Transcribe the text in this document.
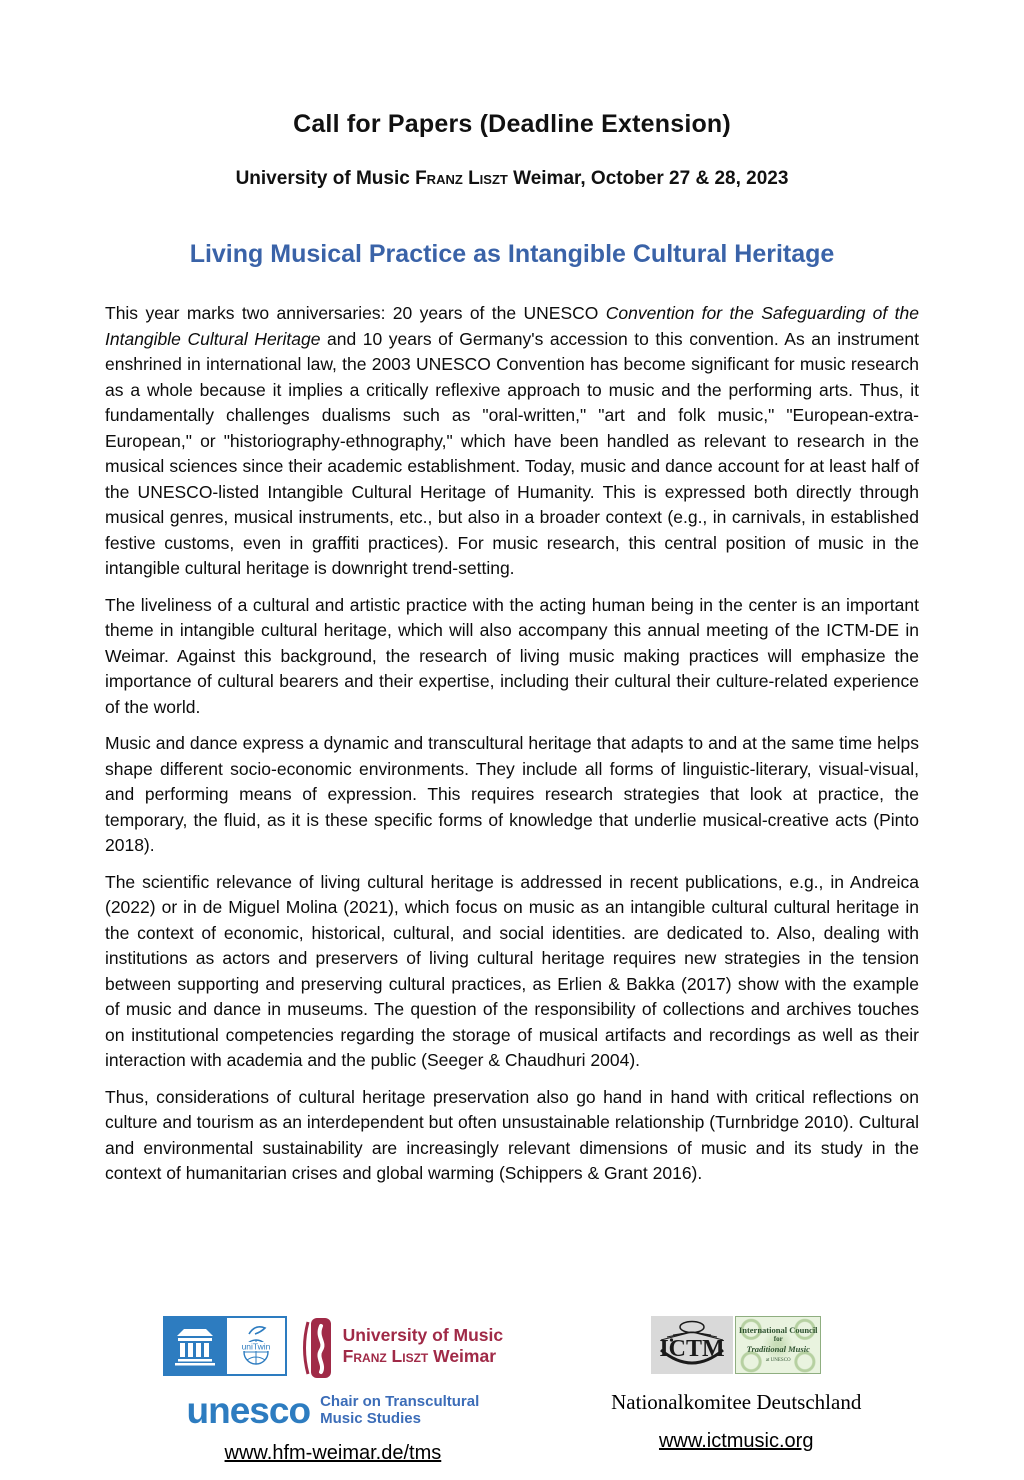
Call for Papers (Deadline Extension)
University of Music Franz Liszt Weimar, October 27 & 28, 2023
Living Musical Practice as Intangible Cultural Heritage

This year marks two anniversaries: 20 years of the UNESCO Convention for the Safeguarding of the Intangible Cultural Heritage and 10 years of Germany's accession to this convention. As an instrument enshrined in international law, the 2003 UNESCO Convention has become significant for music research as a whole because it implies a critically reflexive approach to music and the performing arts. Thus, it fundamentally challenges dualisms such as "oral-written," "art and folk music," "European-extra-European," or "historiography-ethnography," which have been handled as relevant to research in the musical sciences since their academic establishment. Today, music and dance account for at least half of the UNESCO-listed Intangible Cultural Heritage of Humanity. This is expressed both directly through musical genres, musical instruments, etc., but also in a broader context (e.g., in carnivals, in established festive customs, even in graffiti practices). For music research, this central position of music in the intangible cultural heritage is downright trend-setting.

The liveliness of a cultural and artistic practice with the acting human being in the center is an important theme in intangible cultural heritage, which will also accompany this annual meeting of the ICTM-DE in Weimar. Against this background, the research of living music making practices will emphasize the importance of cultural bearers and their expertise, including their cultural their culture-related experience of the world.

Music and dance express a dynamic and transcultural heritage that adapts to and at the same time helps shape different socio-economic environments. They include all forms of linguistic-literary, visual-visual, and performing means of expression. This requires research strategies that look at practice, the temporary, the fluid, as it is these specific forms of knowledge that underlie musical-creative acts (Pinto 2018).

The scientific relevance of living cultural heritage is addressed in recent publications, e.g., in Andreica (2022) or in de Miguel Molina (2021), which focus on music as an intangible cultural cultural heritage in the context of economic, historical, cultural, and social identities. are dedicated to. Also, dealing with institutions as actors and preservers of living cultural heritage requires new strategies in the tension between supporting and preserving cultural practices, as Erlien & Bakka (2017) show with the example of music and dance in museums. The question of the responsibility of collections and archives touches on institutional competencies regarding the storage of musical artifacts and recordings as well as their interaction with academia and the public (Seeger & Chaudhuri 2004).

Thus, considerations of cultural heritage preservation also go hand in hand with critical reflections on culture and tourism as an interdependent but often unsustainable relationship (Turnbridge 2010). Cultural and environmental sustainability are increasingly relevant dimensions of music and its study in the context of humanitarian crises and global warming (Schippers & Grant 2016).

uniTwin
University of Music
Franz Liszt Weimar
unesco Chair on Transcultural
Music Studies
www.hfm-weimar.de/tms
ICTM
International Council
for
Traditional Music
at UNESCO
Nationalkomitee Deutschland
www.ictmusic.org
